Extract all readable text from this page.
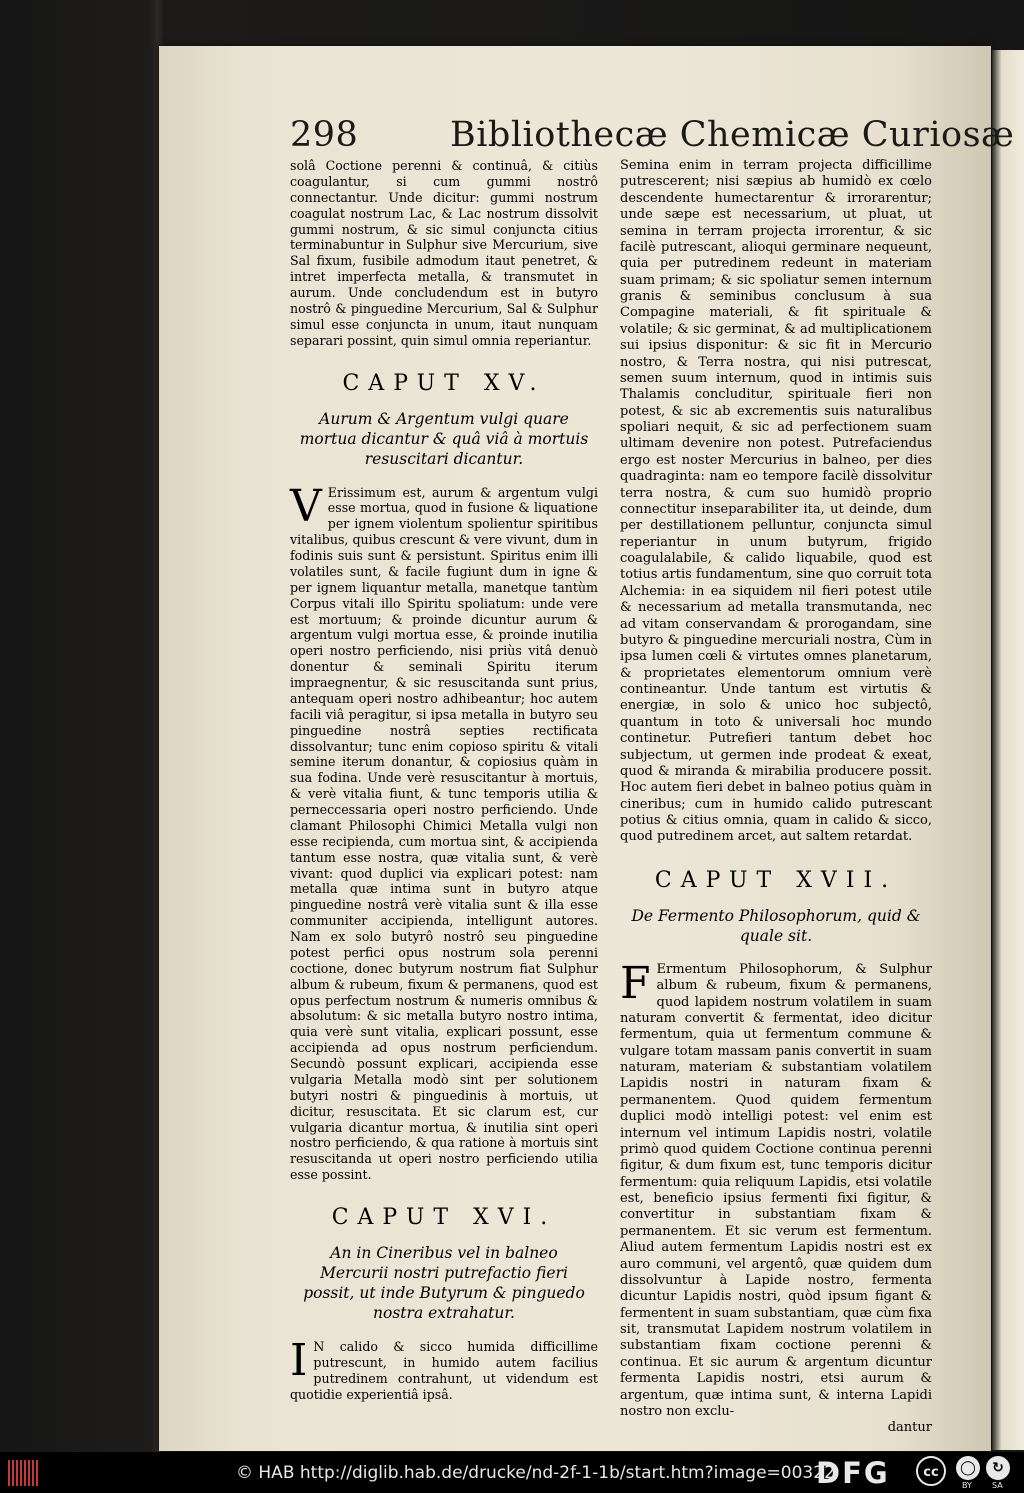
298	Bibliothecæ Chemicæ Curiosæ

solâ Coctione perenni & continuâ, & citiùs coagulantur, si cum gummi nostrô connectantur. Unde dicitur: gummi nostrum coagulat nostrum Lac, & Lac nostrum dissolvit gummi nostrum, & sic simul conjuncta citius terminabuntur in Sulphur sive Mercurium, sive Sal fixum, fusibile admodum itaut penetret, & intret imperfecta metalla, & transmutet in aurum. Unde concludendum est in butyro nostrô & pinguedine Mercurium, Sal & Sulphur simul esse conjuncta in unum, itaut nunquam separari possint, quin simul omnia reperiantur.

CAPUT XV.
Aurum & Argentum vulgi quare mortua dicantur & quâ viâ à mortuis resuscitari dicantur.

V Erissimum est, aurum & argentum vulgi esse mortua, quod in fusione & liquatione per ignem violentum spolientur spiritibus vitalibus, quibus crescunt & vere vivunt, dum in fodinis suis sunt & persistunt. Spiritus enim illi volatiles sunt, & facile fugiunt dum in igne & per ignem liquantur metalla, manetque tantùm Corpus vitali illo Spiritu spoliatum: unde vere est mortuum; & proinde dicuntur aurum & argentum vulgi mortua esse, & proinde inutilia operi nostro perficiendo, nisi priùs vitâ denuò donentur & seminali Spiritu iterum impraegnentur, & sic resuscitanda sunt prius, antequam operi nostro adhibeantur; hoc autem facili viâ peragitur, si ipsa metalla in butyro seu pinguedine nostrâ septies rectificata dissolvantur; tunc enim copioso spiritu & vitali semine iterum donantur, & copiosius quàm in sua fodina. Unde verè resuscitantur à mortuis, & verè vitalia fiunt, & tunc temporis utilia & perneccessaria operi nostro perficiendo. Unde clamant Philosophi Chimici Metalla vulgi non esse recipienda, cum mortua sint, & accipienda tantum esse nostra, quæ vitalia sunt, & verè vivant: quod duplici via explicari potest: nam metalla quæ intima sunt in butyro atque pinguedine nostrâ verè vitalia sunt & illa esse communiter accipienda, intelligunt autores. Nam ex solo butyrô nostrô seu pinguedine potest perfici opus nostrum sola perenni coctione, donec butyrum nostrum fiat Sulphur album & rubeum, fixum & permanens, quod est opus perfectum nostrum & numeris omnibus & absolutum: & sic metalla butyro nostro intima, quia verè sunt vitalia, explicari possunt, esse accipienda ad opus nostrum perficiendum. Secundò possunt explicari, accipienda esse vulgaria Metalla modò sint per solutionem butyri nostri & pinguedinis à mortuis, ut dicitur, resuscitata. Et sic clarum est, cur vulgaria dicantur mortua, & inutilia sint operi nostro perficiendo, & qua ratione à mortuis sint resuscitanda ut operi nostro perficiendo utilia esse possint.

CAPUT XVI.
An in Cineribus vel in balneo Mercurii nostri putrefactio fieri possit, ut inde Butyrum & pinguedo nostra extrahatur.

I N calido & sicco humida difficillime putrescunt, in humido autem facilius putredinem contrahunt, ut videndum est quotidie experientiâ ipsâ.

Semina enim in terram projecta difficillime putrescerent; nisi sæpius ab humidò ex cœlo descendente humectarentur & irrorarentur; unde sæpe est necessarium, ut pluat, ut semina in terram projecta irrorentur, & sic facilè putrescant, alioqui germinare nequeunt, quia per putredinem redeunt in materiam suam primam; & sic spoliatur semen internum granis & seminibus conclusum à sua Compagine materiali, & fit spirituale & volatile; & sic germinat, & ad multiplicationem sui ipsius disponitur: & sic fit in Mercurio nostro, & Terra nostra, qui nisi putrescat, semen suum internum, quod in intimis suis Thalamis concluditur, spirituale fieri non potest, & sic ab excrementis suis naturalibus spoliari nequit, & sic ad perfectionem suam ultimam devenire non potest. Putrefaciendus ergo est noster Mercurius in balneo, per dies quadraginta: nam eo tempore facilè dissolvitur terra nostra, & cum suo humidò proprio connectitur inseparabiliter ita, ut deinde, dum per destillationem pelluntur, conjuncta simul reperiantur in unum butyrum, frigido coagulalabile, & calido liquabile, quod est totius artis fundamentum, sine quo corruit tota Alchemia: in ea siquidem nil fieri potest utile & necessarium ad metalla transmutanda, nec ad vitam conservandam & prorogandam, sine butyro & pinguedine mercuriali nostra, Cùm in ipsa lumen cœli & virtutes omnes planetarum, & proprietates elementorum omnium verè contineantur. Unde tantum est virtutis & energiæ, in solo & unico hoc subjectô, quantum in toto & universali hoc mundo continetur. Putrefieri tantum debet hoc subjectum, ut germen inde prodeat & exeat, quod & miranda & mirabilia producere possit. Hoc autem fieri debet in balneo potius quàm in cineribus; cum in humido calido putrescant potius & citius omnia, quam in calido & sicco, quod putredinem arcet, aut saltem retardat.

CAPUT XVII.
De Fermento Philosophorum, quid & quale sit.

F Ermentum Philosophorum, & Sulphur album & rubeum, fixum & permanens, quod lapidem nostrum volatilem in suam naturam convertit & fermentat, ideo dicitur fermentum, quia ut fermentum commune & vulgare totam massam panis convertit in suam naturam, materiam & substantiam volatilem Lapidis nostri in naturam fixam & permanentem. Quod quidem fermentum duplici modò intelligi potest: vel enim est internum vel intimum Lapidis nostri, volatile primò quod quidem Coctione continua perenni figitur, & dum fixum est, tunc temporis dicitur fermentum: quia reliquum Lapidis, etsi volatile est, beneficio ipsius fermenti fixi figitur, & convertitur in substantiam fixam & permanentem. Et sic verum est fermentum. Aliud autem fermentum Lapidis nostri est ex auro communi, vel argentô, quæ quidem dum dissolvuntur à Lapide nostro, fermenta dicuntur Lapidis nostri, quòd ipsum figant & fermentent in suam substantiam, quæ cùm fixa sit, transmutat Lapidem nostrum volatilem in substantiam fixam coctione perenni & continua. Et sic aurum & argentum dicuntur fermenta Lapidis nostri, etsi aurum & argentum, quæ intima sunt, & interna Lapidi nostro non exclu-

dantur
© HAB http://diglib.hab.de/drucke/nd-2f-1-1b/start.htm?image=00322
DFG	cc	◯	↻
BY	SA
